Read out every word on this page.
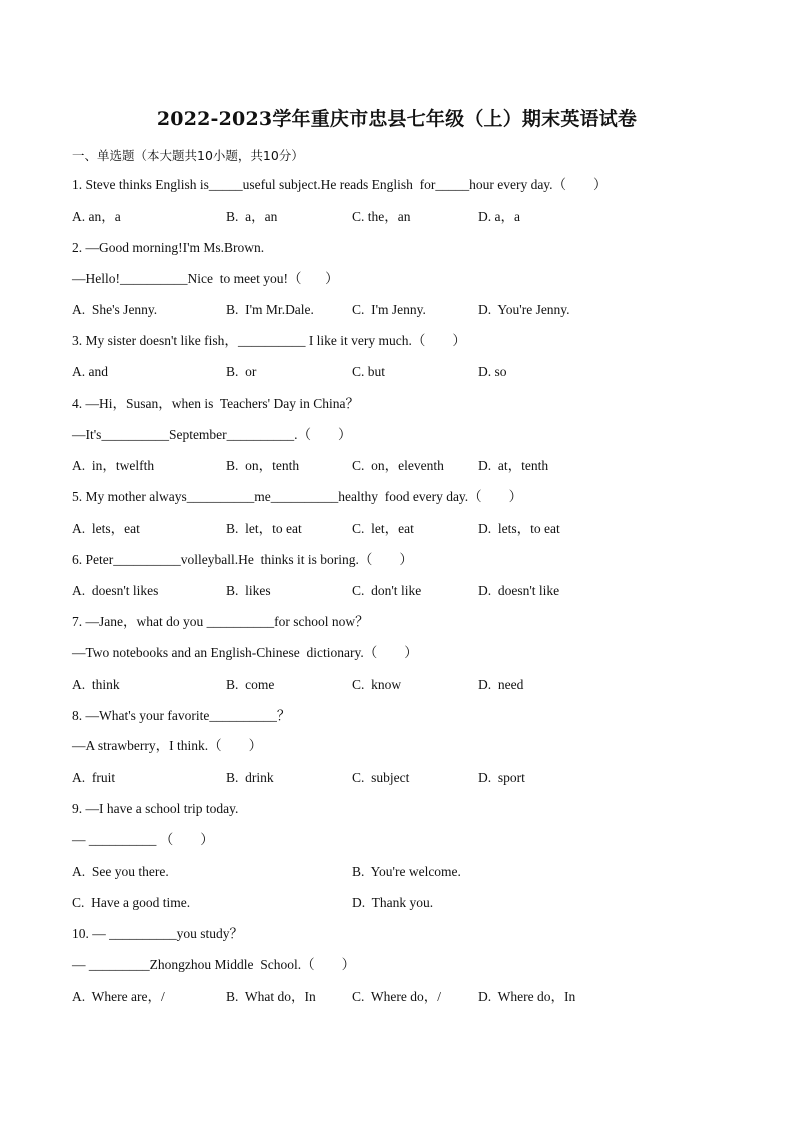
2022-2023学年重庆市忠县七年级（上）期末英语试卷
一、单选题（本大题共10小题，共10分）
1. Steve thinks English is_____useful subject.He reads English  for_____hour every day.（        ）
A. an，a	B.  a，an	C. the，an	D. a，a
2. —Good morning!I'm Ms.Brown.
—Hello!__________Nice  to meet you!（       ）
A.  She's Jenny.	B.  I'm Mr.Dale.	C.  I'm Jenny.	D.  You're Jenny.
3. My sister doesn't like fish，__________ I like it very much.（        ）
A. and	B.  or	C. but	D. so
4. —Hi，Susan，when is  Teachers' Day in China？
—It's__________September__________.（        ）
A.  in，twelfth	B.  on，tenth	C.  on，eleventh	D.  at，tenth
5. My mother always__________me__________healthy  food every day.（        ）
A.  lets，eat	B.  let，to eat	C.  let，eat	D.  lets，to eat
6. Peter__________volleyball.He  thinks it is boring.（        ）
A.  doesn't likes	B.  likes	C.  don't like	D.  doesn't like
7. —Jane，what do you __________for school now？
—Two notebooks and an English-Chinese  dictionary.（        ）
A.  think	B.  come	C.  know	D.  need
8. —What's your favorite__________？
—A strawberry，I think.（        ）
A.  fruit	B.  drink	C.  subject	D.  sport
9. —I have a school trip today.
— __________ （        ）
A.  See you there.	B.  You're welcome.
C.  Have a good time.	D.  Thank you.
10. — __________you study？
— _________Zhongzhou Middle  School.（        ）
A.  Where are，/	B.  What do，In	C.  Where do，/	D.  Where do，In
